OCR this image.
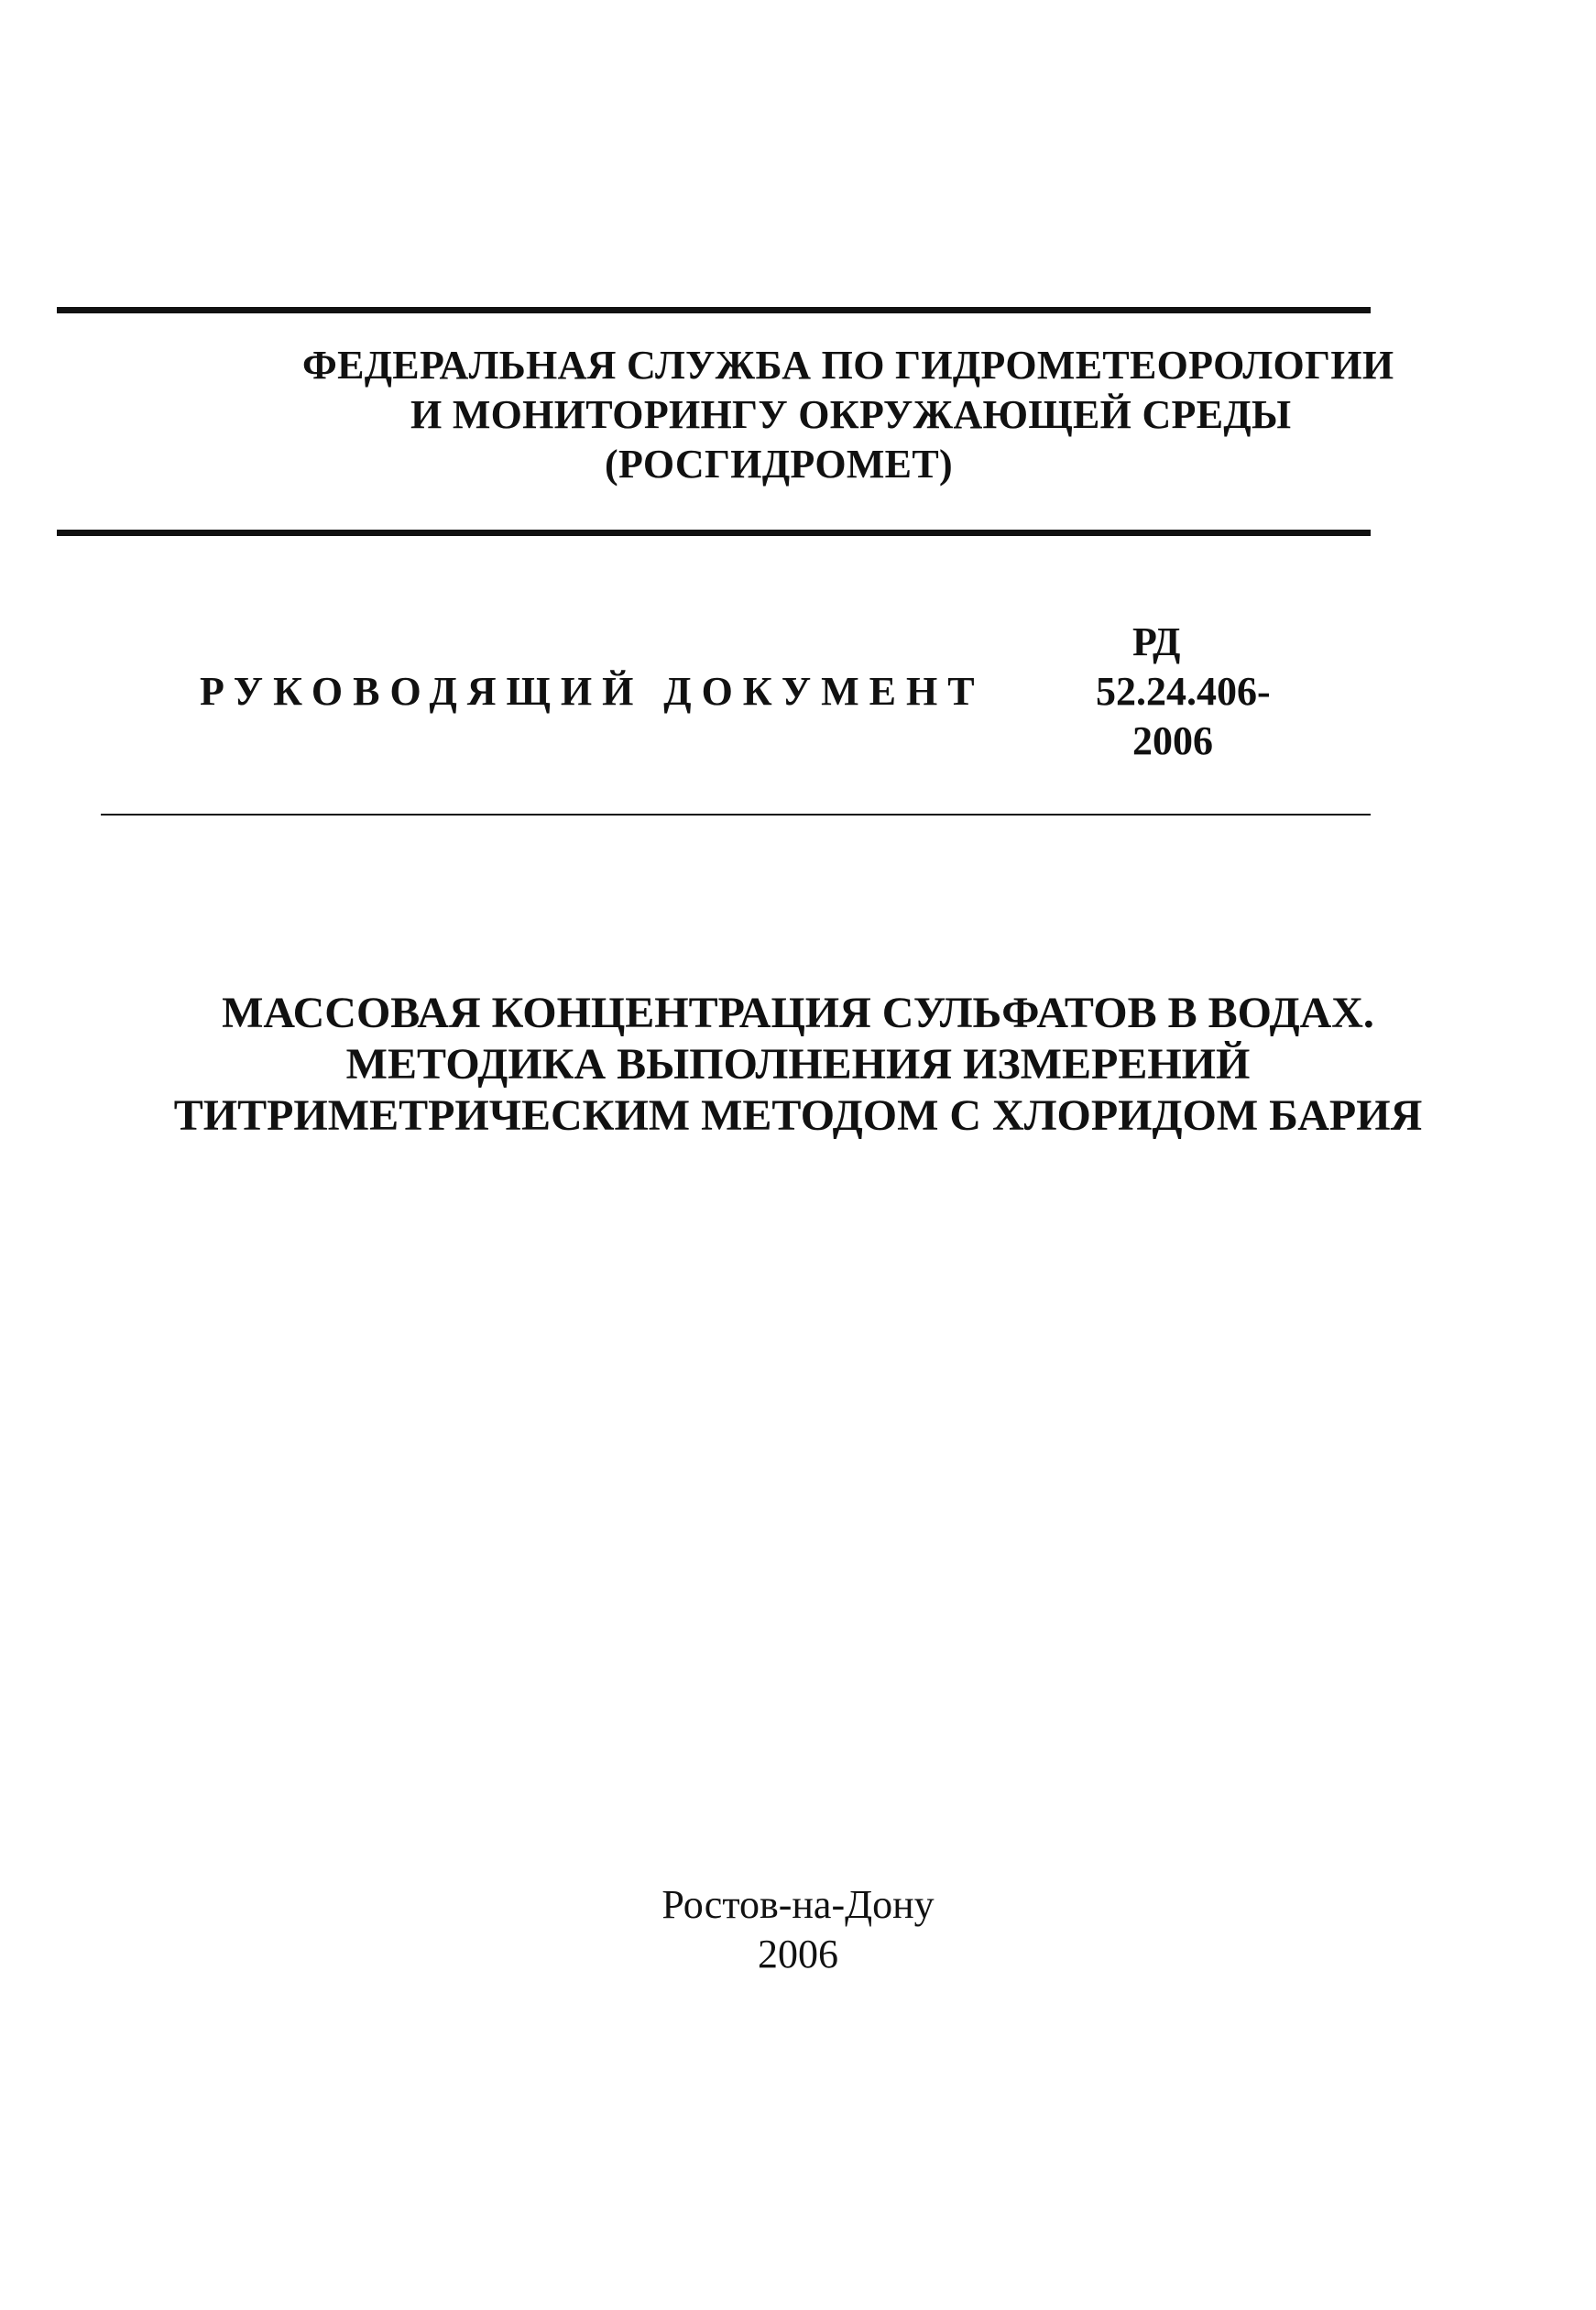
ФЕДЕРАЛЬНАЯ СЛУЖБА ПО ГИДРОМЕТЕОРОЛОГИИ
И МОНИТОРИНГУ ОКРУЖАЮЩЕЙ СРЕДЫ
(РОСГИДРОМЕТ)
РУКОВОДЯЩИЙ ДОКУМЕНТ
РД
52.24.406-
2006
МАССОВАЯ КОНЦЕНТРАЦИЯ СУЛЬФАТОВ В ВОДАХ.
МЕТОДИКА ВЫПОЛНЕНИЯ ИЗМЕРЕНИЙ
ТИТРИМЕТРИЧЕСКИМ МЕТОДОМ С ХЛОРИДОМ БАРИЯ
Ростов-на-Дону
2006
